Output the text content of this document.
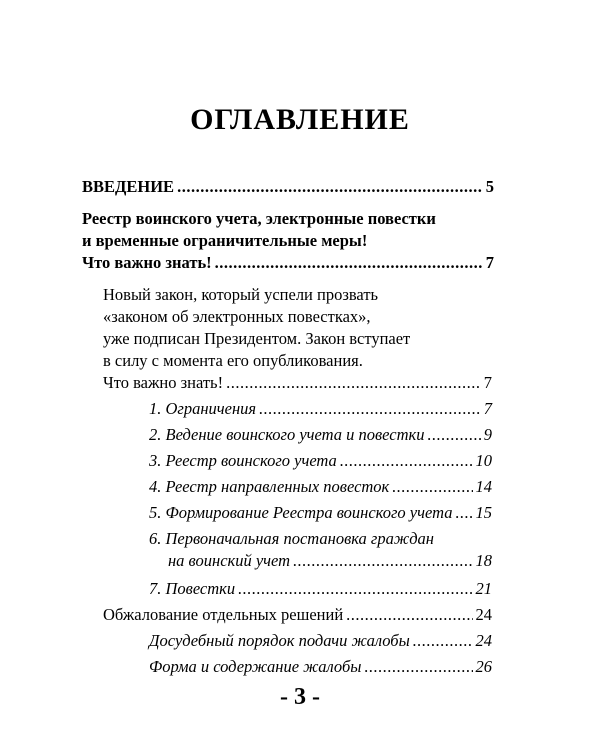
ОГЛАВЛЕНИЕ
ВВЕДЕНИЕ .....	5
Реестр воинского учета, электронные повестки
и временные ограничительные меры!
Что важно знать! .....	7
Новый закон, который успели прозвать
«законом об электронных повестках»,
уже подписан Президентом. Закон вступает
в силу с момента его опубликования.
Что важно знать! .....	7
1. Ограничения .....	7
2. Ведение воинского учета и повестки .....	9
3. Реестр воинского учета .....	10
4. Реестр направленных повесток .....	14
5. Формирование Реестра воинского учета ..... 15
6. Первоначальная постановка граждан
на воинский учет .....	18
7. Повестки .....	21
Обжалование отдельных решений .....	24
Досудебный порядок подачи жалобы .....	24
Форма и содержание жалобы .....	26
- 3 -
